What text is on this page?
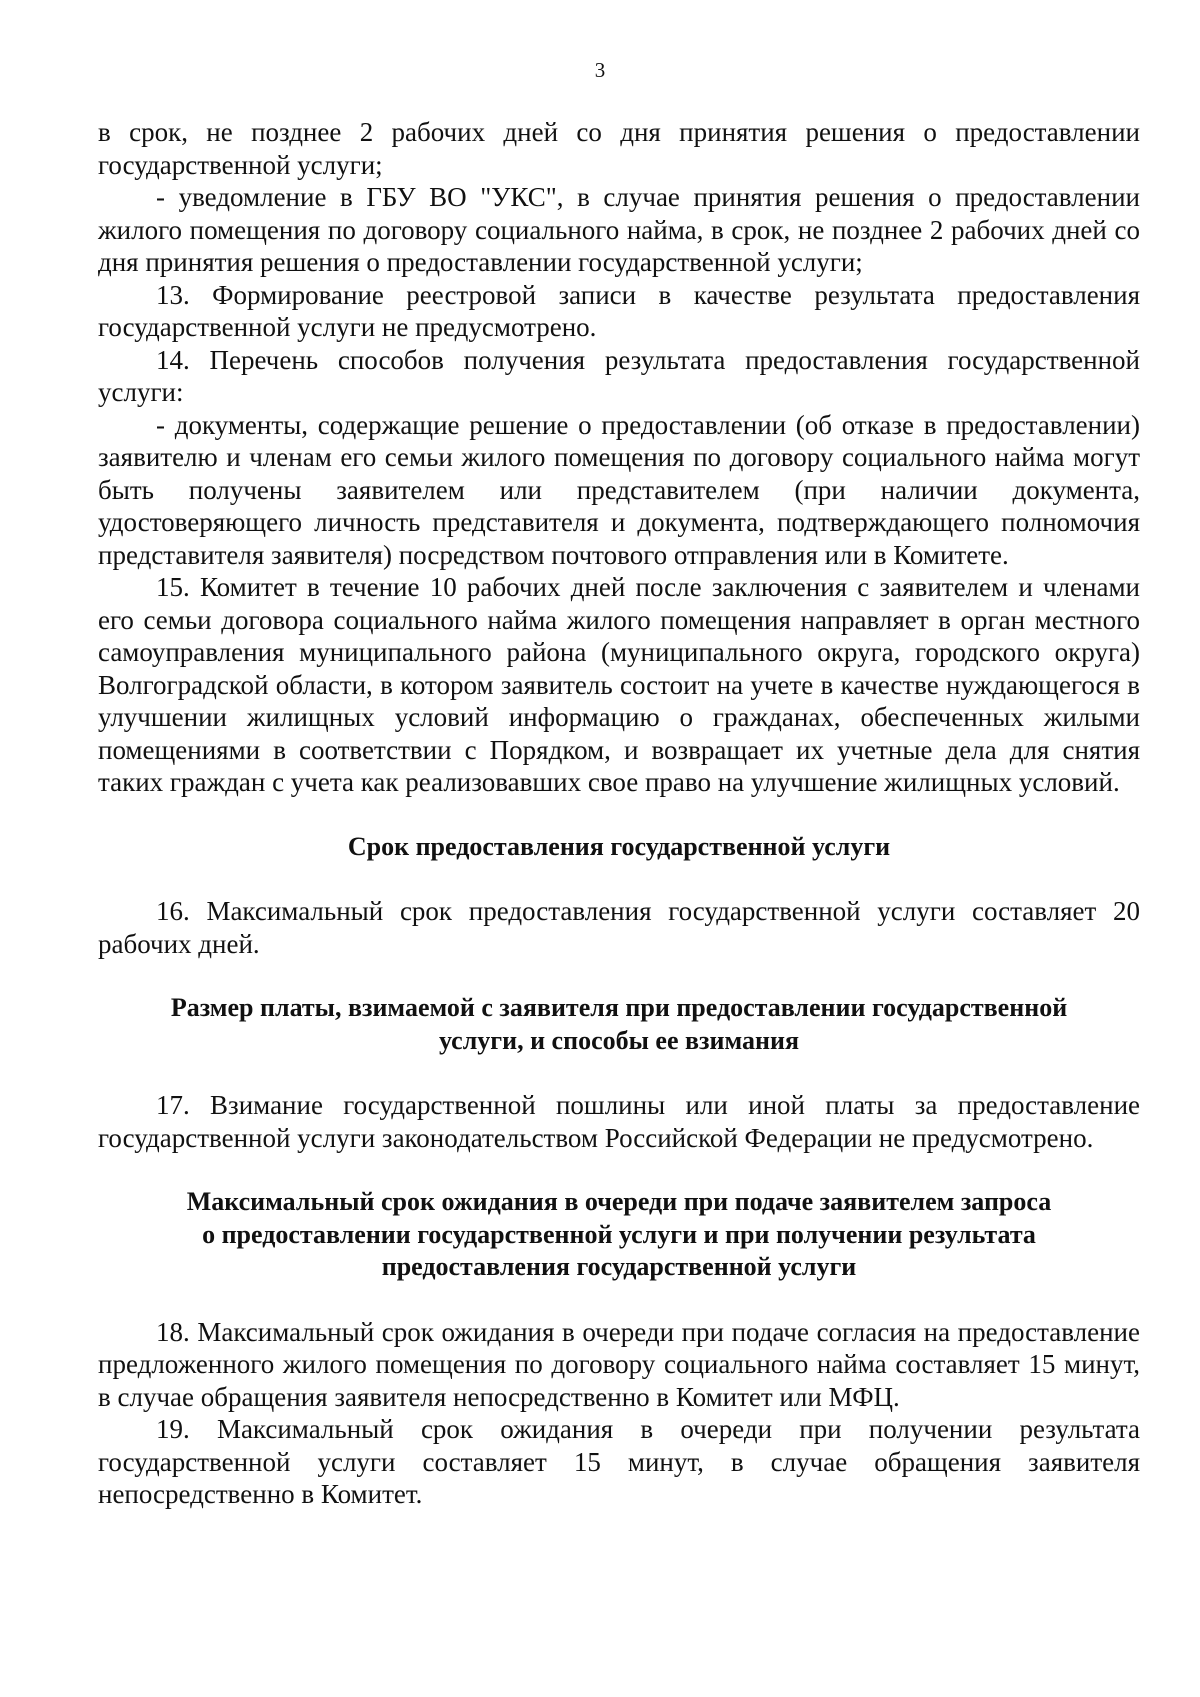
3

в срок, не позднее 2 рабочих дней со дня принятия решения о предоставлении государственной услуги;

- уведомление в ГБУ ВО "УКС", в случае принятия решения о предоставлении жилого помещения по договору социального найма, в срок, не позднее 2 рабочих дней со дня принятия решения о предоставлении государственной услуги;

13. Формирование реестровой записи в качестве результата предоставления государственной услуги не предусмотрено.

14. Перечень способов получения результата предоставления государственной услуги:

- документы, содержащие решение о предоставлении (об отказе в предоставлении) заявителю и членам его семьи жилого помещения по договору социального найма могут быть получены заявителем или представителем (при наличии документа, удостоверяющего личность представителя и документа, подтверждающего полномочия представителя заявителя) посредством почтового отправления или в Комитете.

15. Комитет в течение 10 рабочих дней после заключения с заявителем и членами его семьи договора социального найма жилого помещения направляет в орган местного самоуправления муниципального района (муниципального округа, городского округа) Волгоградской области, в котором заявитель состоит на учете в качестве нуждающегося в улучшении жилищных условий информацию о гражданах, обеспеченных жилыми помещениями в соответствии с Порядком, и возвращает их учетные дела для снятия таких граждан с учета как реализовавших свое право на улучшение жилищных условий.

Срок предоставления государственной услуги

16. Максимальный срок предоставления государственной услуги составляет 20 рабочих дней.

Размер платы, взимаемой с заявителя при предоставлении государственной
услуги, и способы ее взимания

17. Взимание государственной пошлины или иной платы за предоставление государственной услуги законодательством Российской Федерации не предусмотрено.

Максимальный срок ожидания в очереди при подаче заявителем запроса
о предоставлении государственной услуги и при получении результата
предоставления государственной услуги

18. Максимальный срок ожидания в очереди при подаче согласия на предоставление предложенного жилого помещения по договору социального найма составляет 15 минут, в случае обращения заявителя непосредственно в Комитет или МФЦ.

19. Максимальный срок ожидания в очереди при получении результата государственной услуги составляет 15 минут, в случае обращения заявителя непосредственно в Комитет.
